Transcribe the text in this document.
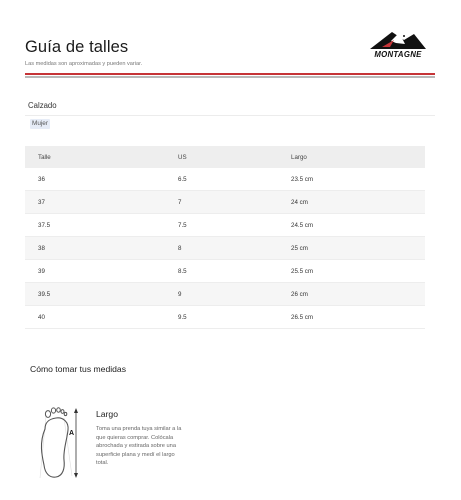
Guía de talles
Las medidas son aproximadas y pueden variar.
MONTAGNE
Calzado
Mujer
Talle	US	Largo
36	6.5	23.5 cm
37	7	24 cm
37.5	7.5	24.5 cm
38	8	25 cm
39	8.5	25.5 cm
39.5	9	26 cm
40	9.5	26.5 cm
Cómo tomar tus medidas
A
Largo
Toma una prenda tuya similar a la que quieras comprar. Colócala abrochada y estirada sobre una superficie plana y medí el largo total.
